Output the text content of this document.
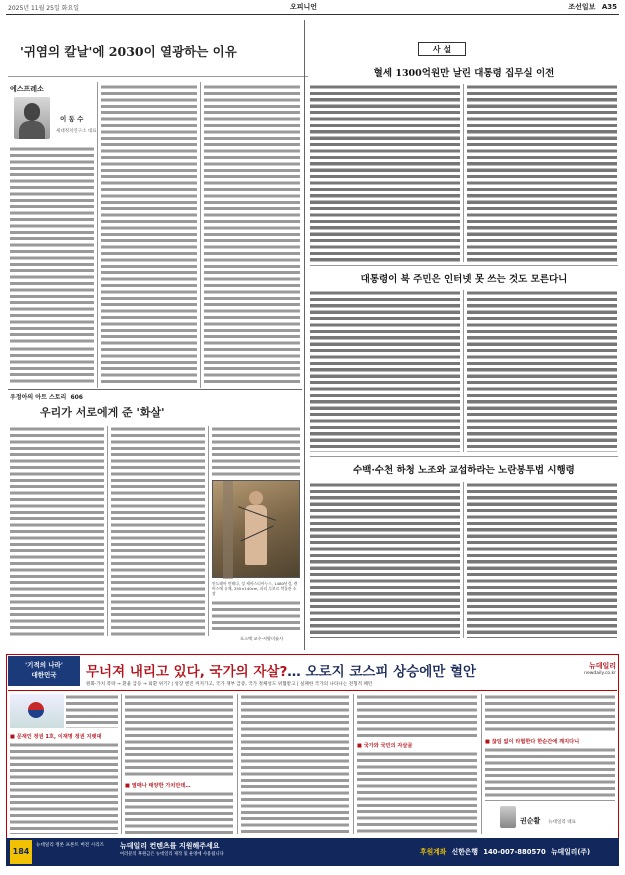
2025년 11월 25일 화요일	오피니언	조선일보 A35
'귀염의 칼날'에 2030이 열광하는 이유
에스프레소
이 동 수
세대정치연구소 대표
우정아의 아트 스토리 606
우리가 서로에게 준 '화살'
안드레아 만테냐, 성 세바스티아누스, 1480년경, 캔버스에 유채, 255×140cm, 파리 루브르 박물관 소장
포스텍 교수·서양미술사
사 설
혈세 1300억원만 날린 대통령 집무실 이전
대통령이 북 주민은 인터넷 못 쓰는 것도 모른다니
수백·수천 하청 노조와 교섭하라는 노란봉투법 시행령
'기적의 나라'
대한민국	무너져 내리고 있다, 국가의 자살?… 오로지 코스피 상승에만 혈안	뉴데일리
newdaily.co.kr
원화·가치 폭락 → 환율 급등 → 외환 위기? | 성장 엔진 꺼져가고, 국가 재부 급증, 국가 정체성도 위협받고 | 실패한 국가의 나타나는 전형적 패턴
■ 문재인 정권 1호, 이재명 정권 지렛대
■ 열매나 태양한 가치만데…
■ 국가와 국민의 자살골
■ 끊임 없이 타협한다 한순간에 깨지다니
권순활 뉴데일리 대표
184
뉴데일리 정론 프론트 버전 시리즈 뉴데일리 컨텐츠를 지원해주세요
여러분의 후원금은 뉴데일리 제작 및 운영에 사용됩니다	후원계좌 신한은행 140-007-880570 뉴데일리(주)
